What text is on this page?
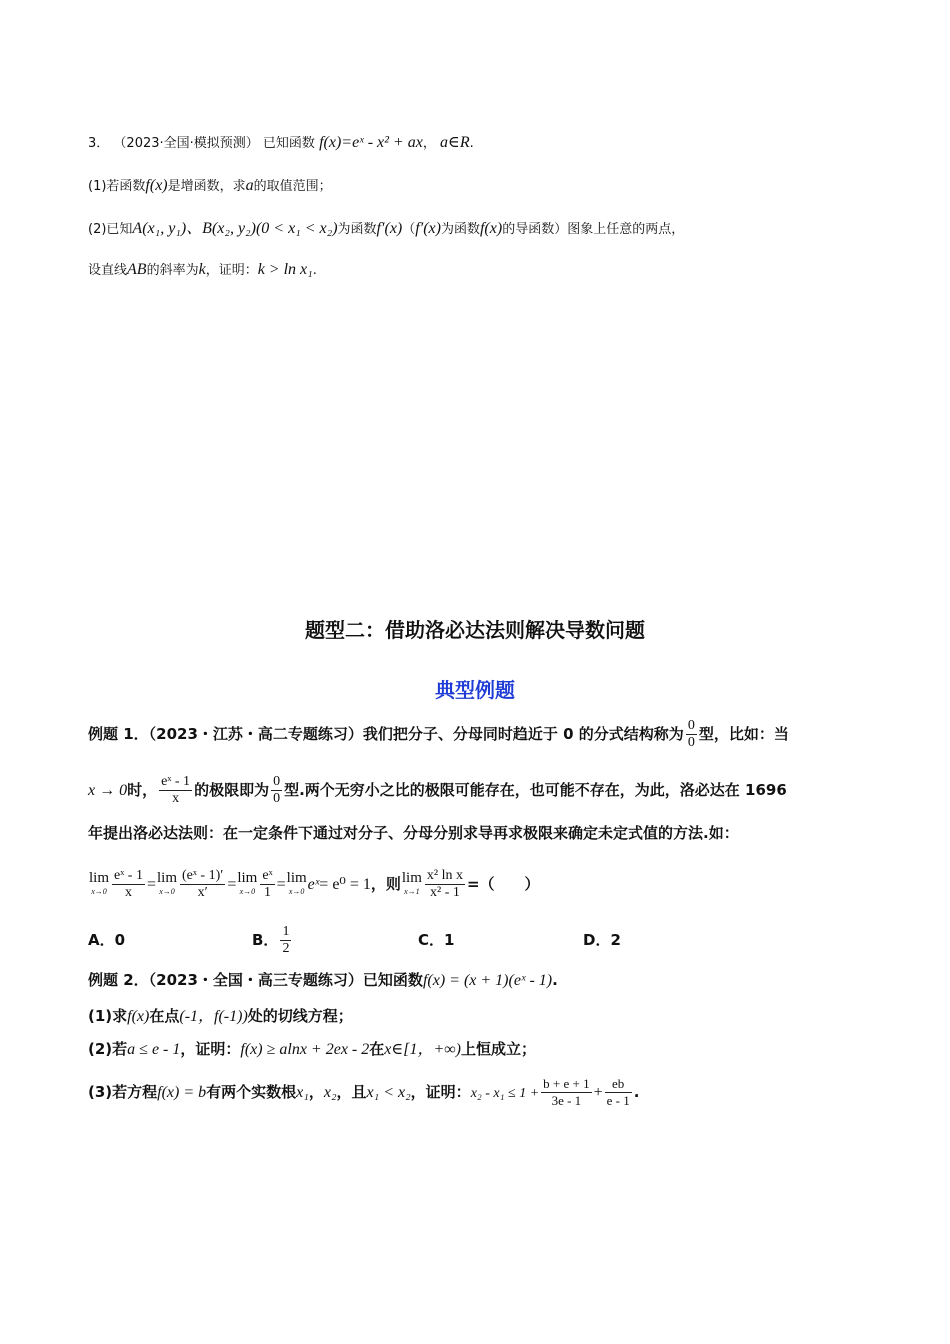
3． （2023·全国·模拟预测） 已知函数 f(x)=eˣ - x² + ax， a∈R.
(1)若函数f(x)是增函数，求a的取值范围；
(2)已知A(x₁, y₁)、B(x₂, y₂)(0 < x₁ < x₂)为函数f′(x)（f′(x)为函数f(x)的导函数）图象上任意的两点，
设直线AB的斜率为k，证明：k > ln x₁.
题型二：借助洛必达法则解决导数问题
典型例题
例题 1．（2023・江苏・高二专题练习）我们把分子、分母同时趋近于 0 的分式结构称为 $\frac{0}{0}$ 型，比如：当
x → 0时， $\frac{\text{eˣ - 1}}{x}$ 的极限即为 $\frac{0}{0}$ 型.两个无穷小之比的极限可能存在，也可能不存在，为此，洛必达在 1696
年提出洛必达法则：在一定条件下通过对分子、分母分别求导再求极限来确定未定式值的方法.如：
lim
$x\to 0 \frac{\text{eˣ - 1}}{x} =\lim$
$x\to 0 \frac{\text{(eˣ - 1)′}}{x'} =\lim$
$x\to 0 \frac{\text{eˣ}}{1} =\lim$
x→0 eˣ= e⁰ = 1，则lim
$x\to 1 \frac{\text{x² ln x}}{\text{x² - 1}}$ =（　　）
A．0	B． $\frac{1}{2}$	C．1	D．2
例题 2．（2023・全国・高三专题练习）已知函数f(x) = (x + 1)(eˣ - 1).
(1)求f(x)在点(-1，f(-1))处的切线方程；
(2)若a ≤ e - 1，证明：f(x) ≥ alnx + 2ex - 2在x∈[1，+∞)上恒成立；
(3)若方程f(x) = b有两个实数根x₁，x₂，且x₁ < x₂，证明：$x_2 - x_1 \le 1 + \frac{b + e + 1}{3e - 1} + \frac{eb}{e - 1}$ .
